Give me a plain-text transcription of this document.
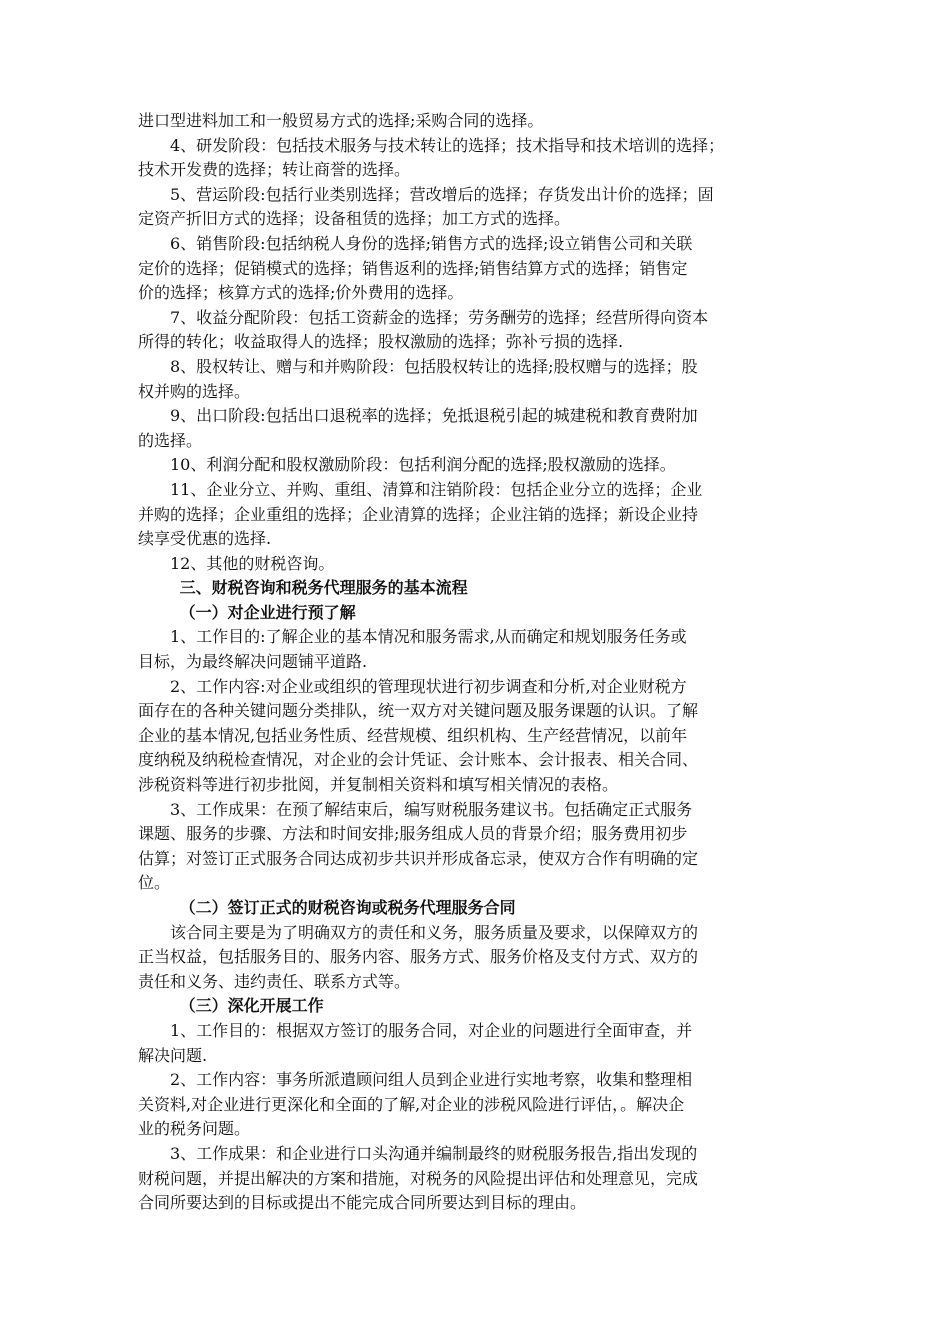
进口型进料加工和一般贸易方式的选择;采购合同的选择。

4、研发阶段：包括技术服务与技术转让的选择；技术指导和技术培训的选择；
技术开发费的选择；转让商誉的选择。

5、营运阶段:包括行业类别选择；营改增后的选择；存货发出计价的选择；固
定资产折旧方式的选择；设备租赁的选择；加工方式的选择。

6、销售阶段:包括纳税人身份的选择;销售方式的选择;设立销售公司和关联
定价的选择；促销模式的选择；销售返利的选择;销售结算方式的选择；销售定
价的选择；核算方式的选择;价外费用的选择。

7、收益分配阶段：包括工资薪金的选择；劳务酬劳的选择；经营所得向资本
所得的转化；收益取得人的选择；股权激励的选择；弥补亏损的选择.

8、股权转让、赠与和并购阶段：包括股权转让的选择;股权赠与的选择；股
权并购的选择。

9、出口阶段:包括出口退税率的选择；免抵退税引起的城建税和教育费附加
的选择。

10、利润分配和股权激励阶段：包括利润分配的选择;股权激励的选择。

11、企业分立、并购、重组、清算和注销阶段：包括企业分立的选择；企业
并购的选择；企业重组的选择；企业清算的选择；企业注销的选择；新设企业持
续享受优惠的选择.

12、其他的财税咨询。

三、财税咨询和税务代理服务的基本流程

（一）对企业进行预了解

1、工作目的:了解企业的基本情况和服务需求,从而确定和规划服务任务或
目标，为最终解决问题铺平道路.

2、工作内容:对企业或组织的管理现状进行初步调查和分析,对企业财税方
面存在的各种关键问题分类排队，统一双方对关键问题及服务课题的认识。了解
企业的基本情况,包括业务性质、经营规模、组织机构、生产经营情况，以前年
度纳税及纳税检查情况，对企业的会计凭证、会计账本、会计报表、相关合同、
涉税资料等进行初步批阅，并复制相关资料和填写相关情况的表格。

3、工作成果：在预了解结束后，编写财税服务建议书。包括确定正式服务
课题、服务的步骤、方法和时间安排;服务组成人员的背景介绍；服务费用初步
估算；对签订正式服务合同达成初步共识并形成备忘录，使双方合作有明确的定
位。

（二）签订正式的财税咨询或税务代理服务合同

该合同主要是为了明确双方的责任和义务，服务质量及要求，以保障双方的
正当权益，包括服务目的、服务内容、服务方式、服务价格及支付方式、双方的
责任和义务、违约责任、联系方式等。

（三）深化开展工作

1、工作目的：根据双方签订的服务合同，对企业的问题进行全面审查，并
解决问题.

2、工作内容：事务所派遣顾问组人员到企业进行实地考察，收集和整理相
关资料,对企业进行更深化和全面的了解,对企业的涉税风险进行评估，。解决企
业的税务问题。

3、工作成果：和企业进行口头沟通并编制最终的财税服务报告,指出发现的
财税问题，并提出解决的方案和措施，对税务的风险提出评估和处理意见，完成
合同所要达到的目标或提出不能完成合同所要达到目标的理由。
